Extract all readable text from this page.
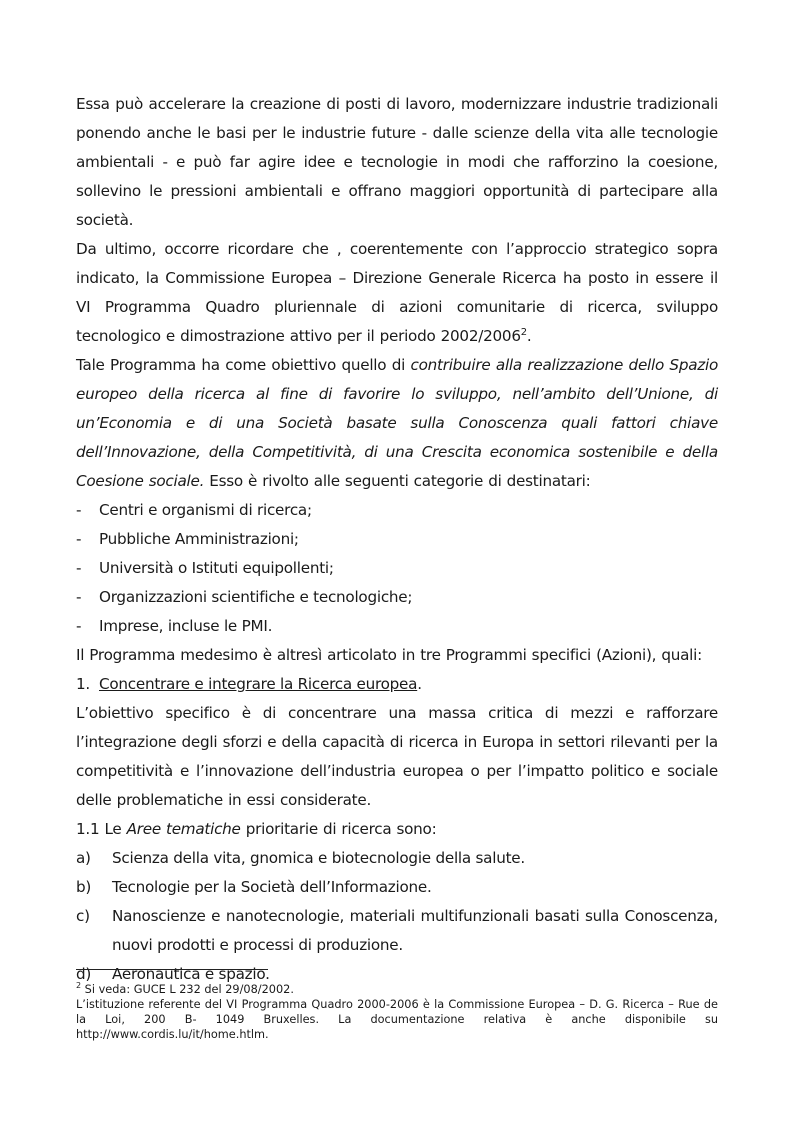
Essa può accelerare la creazione di posti di lavoro, modernizzare industrie tradizionali ponendo anche le basi per le industrie future - dalle scienze della vita alle tecnologie ambientali - e può far agire idee e tecnologie in modi che rafforzino la coesione, sollevino le pressioni ambientali e offrano maggiori opportunità di partecipare alla società.

Da ultimo, occorre ricordare che , coerentemente con l’approccio strategico sopra indicato, la Commissione Europea – Direzione Generale Ricerca ha posto in essere il VI Programma Quadro pluriennale di azioni comunitarie di ricerca, sviluppo tecnologico e dimostrazione attivo per il periodo 2002/2006$^2$.

Tale Programma ha come obiettivo quello di contribuire alla realizzazione dello Spazio europeo della ricerca al fine di favorire lo sviluppo, nell’ambito dell’Unione, di un’Economia e di una Società basate sulla Conoscenza quali fattori chiave dell’Innovazione, della Competitività, di una Crescita economica sostenibile e della Coesione sociale. Esso è rivolto alle seguenti categorie di destinatari:

- Centri e organismi di ricerca;
- Pubbliche Amministrazioni;
- Università o Istituti equipollenti;
- Organizzazioni scientifiche e tecnologiche;
- Imprese, incluse le PMI.

Il Programma medesimo è altresì articolato in tre Programmi specifici (Azioni), quali:

1. Concentrare e integrare la Ricerca europea.

L’obiettivo specifico è di concentrare una massa critica di mezzi e rafforzare l’integrazione degli sforzi e della capacità di ricerca in Europa in settori rilevanti per la competitività e l’innovazione dell’industria europea o per l’impatto politico e sociale delle problematiche in essi considerate.

1.1 Le Aree tematiche prioritarie di ricerca sono:

a) Scienza della vita, gnomica e biotecnologie della salute.
b) Tecnologie per la Società dell’Informazione.
c) Nanoscienze e nanotecnologie, materiali multifunzionali basati sulla Conoscenza, nuovi prodotti e processi di produzione.
d) Aeronautica e spazio.

$^2$ Si veda: GUCE L 232 del 29/08/2002.

L’istituzione referente del VI Programma Quadro 2000-2006 è la Commissione Europea – D. G. Ricerca – Rue de la Loi, 200 B- 1049 Bruxelles. La documentazione relativa è anche disponibile su http://www.cordis.lu/it/home.htlm.
